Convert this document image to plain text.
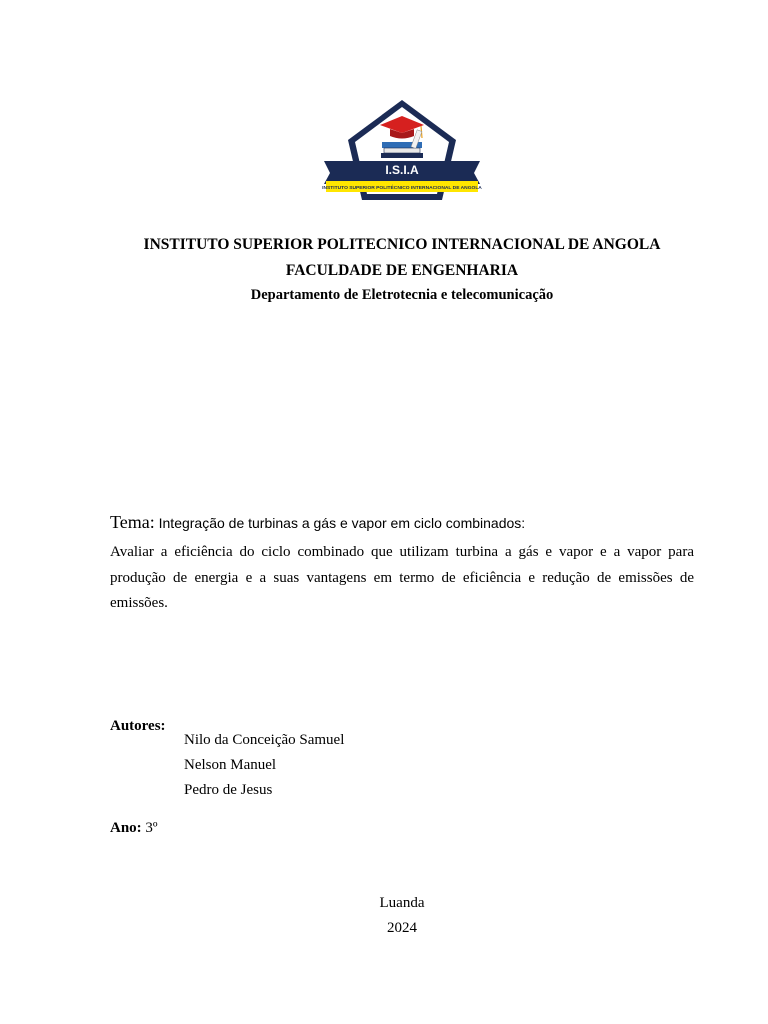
I.S.I.A
INSTITUTO SUPERIOR POLITÉCNICO INTERNACIONAL DE ANGOLA
INSTITUTO SUPERIOR POLITECNICO INTERNACIONAL DE ANGOLA
FACULDADE DE ENGENHARIA
Departamento de Eletrotecnia e telecomunicação
Tema: Integração de turbinas a gás e vapor em ciclo combinados:

Avaliar a eficiência do ciclo combinado que utilizam turbina a gás e vapor e a vapor para produção de energia e a suas vantagens em termo de eficiência e redução de emissões de emissões.

Autores:
Nilo da Conceição Samuel
Nelson Manuel
Pedro de Jesus
Ano: 3º
Luanda
2024
